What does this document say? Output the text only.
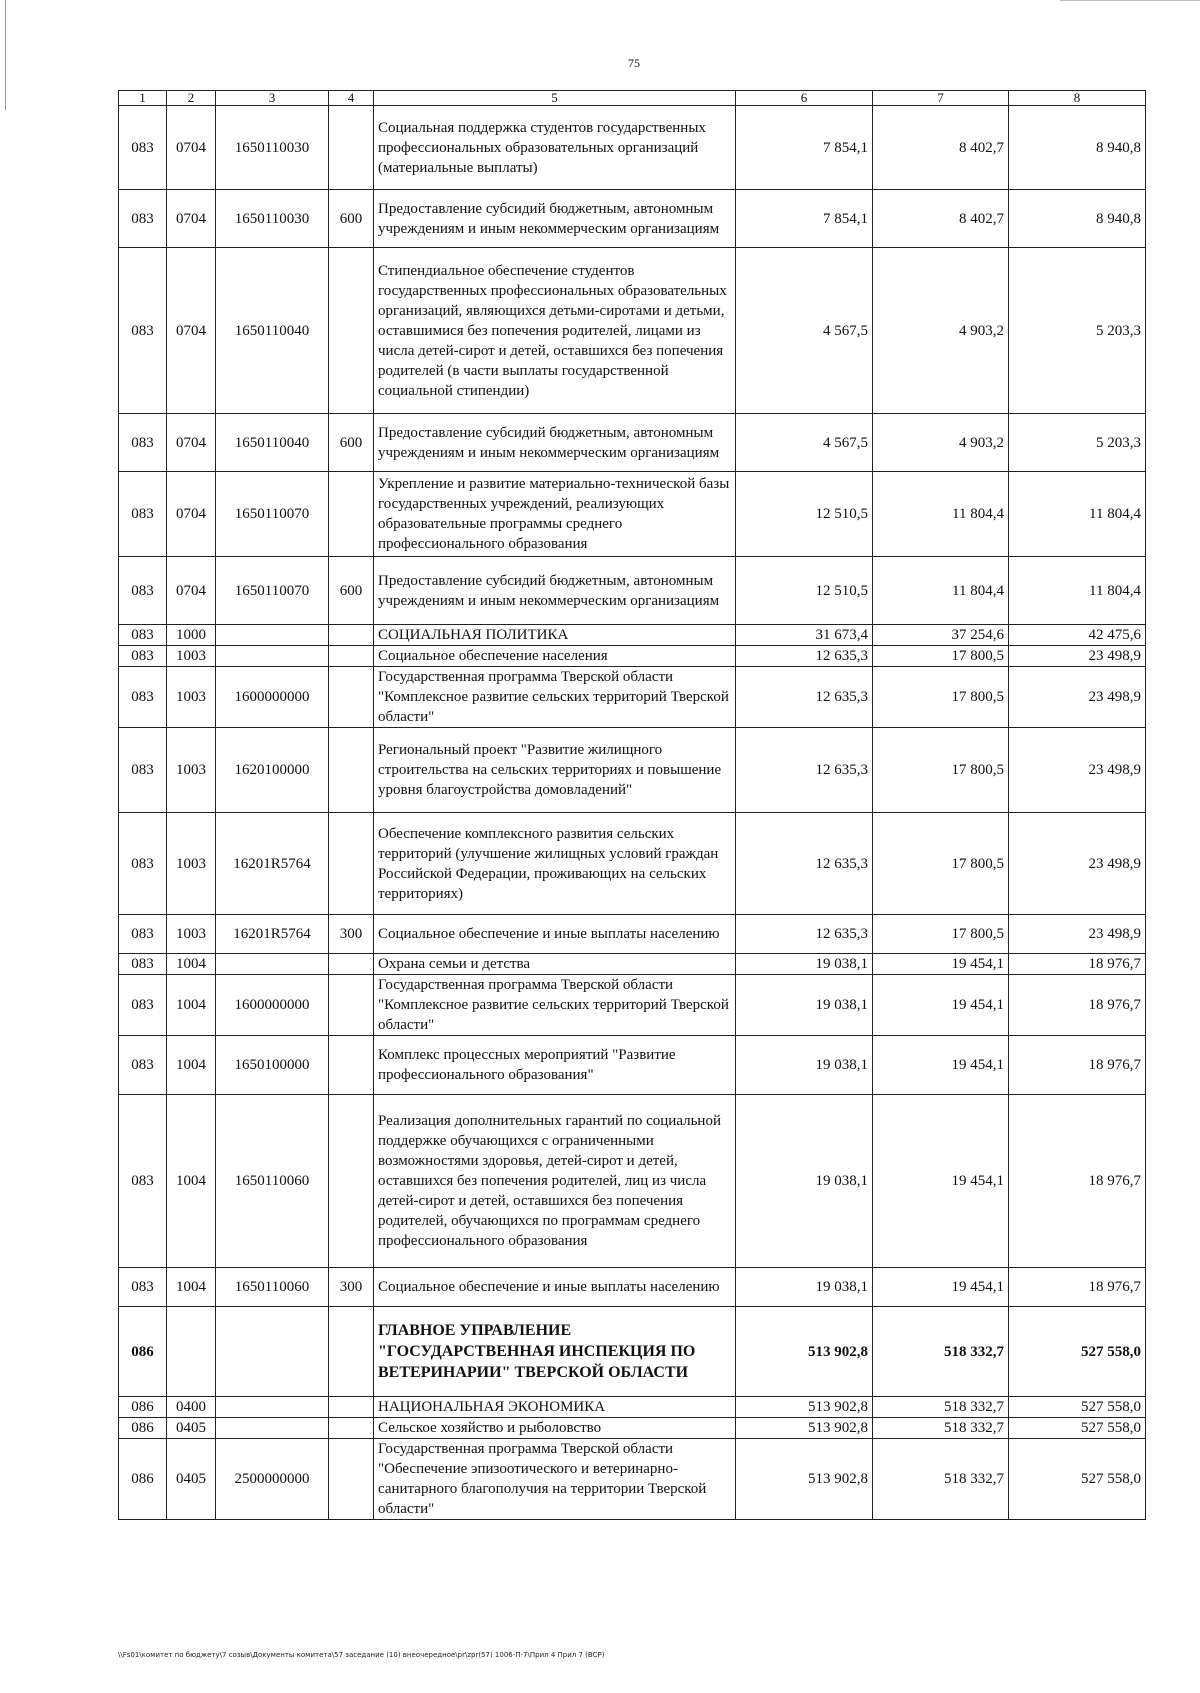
75
1	2	3	4	5	6	7	8
083	0704	1650110030		Социальная поддержка студентов государственных профессиональных образовательных организаций (материальные выплаты)	7 854,1	8 402,7	8 940,8
083	0704	1650110030	600	Предоставление субсидий бюджетным, автономным учреждениям и иным некоммерческим организациям	7 854,1	8 402,7	8 940,8
083	0704	1650110040		Стипендиальное обеспечение студентов государственных профессиональных образовательных организаций, являющихся детьми-сиротами и детьми, оставшимися без попечения родителей, лицами из числа детей-сирот и детей, оставшихся без попечения родителей (в части выплаты государственной социальной стипендии)	4 567,5	4 903,2	5 203,3
083	0704	1650110040	600	Предоставление субсидий бюджетным, автономным учреждениям и иным некоммерческим организациям	4 567,5	4 903,2	5 203,3
083	0704	1650110070		Укрепление и развитие материально-технической базы государственных учреждений, реализующих образовательные программы среднего профессионального образования	12 510,5	11 804,4	11 804,4
083	0704	1650110070	600	Предоставление субсидий бюджетным, автономным учреждениям и иным некоммерческим организациям	12 510,5	11 804,4	11 804,4
083	1000			СОЦИАЛЬНАЯ ПОЛИТИКА	31 673,4	37 254,6	42 475,6
083	1003			Социальное обеспечение населения	12 635,3	17 800,5	23 498,9
083	1003	1600000000		Государственная программа Тверской области "Комплексное развитие сельских территорий Тверской области"	12 635,3	17 800,5	23 498,9
083	1003	1620100000		Региональный проект "Развитие жилищного строительства на сельских территориях и повышение уровня благоустройства домовладений"	12 635,3	17 800,5	23 498,9
083	1003	16201R5764		Обеспечение комплексного развития сельских территорий (улучшение жилищных условий граждан Российской Федерации, проживающих на сельских территориях)	12 635,3	17 800,5	23 498,9
083	1003	16201R5764	300	Социальное обеспечение и иные выплаты населению	12 635,3	17 800,5	23 498,9
083	1004			Охрана семьи и детства	19 038,1	19 454,1	18 976,7
083	1004	1600000000		Государственная программа Тверской области "Комплексное развитие сельских территорий Тверской области"	19 038,1	19 454,1	18 976,7
083	1004	1650100000		Комплекс процессных мероприятий "Развитие профессионального образования"	19 038,1	19 454,1	18 976,7
083	1004	1650110060		Реализация дополнительных гарантий по социальной поддержке обучающихся с ограниченными возможностями здоровья, детей-сирот и детей, оставшихся без попечения родителей, лиц из числа детей-сирот и детей, оставшихся без попечения родителей, обучающихся по программам среднего профессионального образования	19 038,1	19 454,1	18 976,7
083	1004	1650110060	300	Социальное обеспечение и иные выплаты населению	19 038,1	19 454,1	18 976,7
086				ГЛАВНОЕ УПРАВЛЕНИЕ "ГОСУДАРСТВЕННАЯ ИНСПЕКЦИЯ ПО ВЕТЕРИНАРИИ" ТВЕРСКОЙ ОБЛАСТИ	513 902,8	518 332,7	527 558,0
086	0400			НАЦИОНАЛЬНАЯ ЭКОНОМИКА	513 902,8	518 332,7	527 558,0
086	0405			Сельское хозяйство и рыболовство	513 902,8	518 332,7	527 558,0
086	0405	2500000000		Государственная программа Тверской области "Обеспечение эпизоотического и ветеринарно-санитарного благополучия на территории Тверской области"	513 902,8	518 332,7	527 558,0
\\Fs01\комитет по бюджету\7 созыв\Документы комитета\57 заседание (10) внеочередное\pr\zpr(57) 1006-П-7\Прил 4 Прил 7 (ВСР)
